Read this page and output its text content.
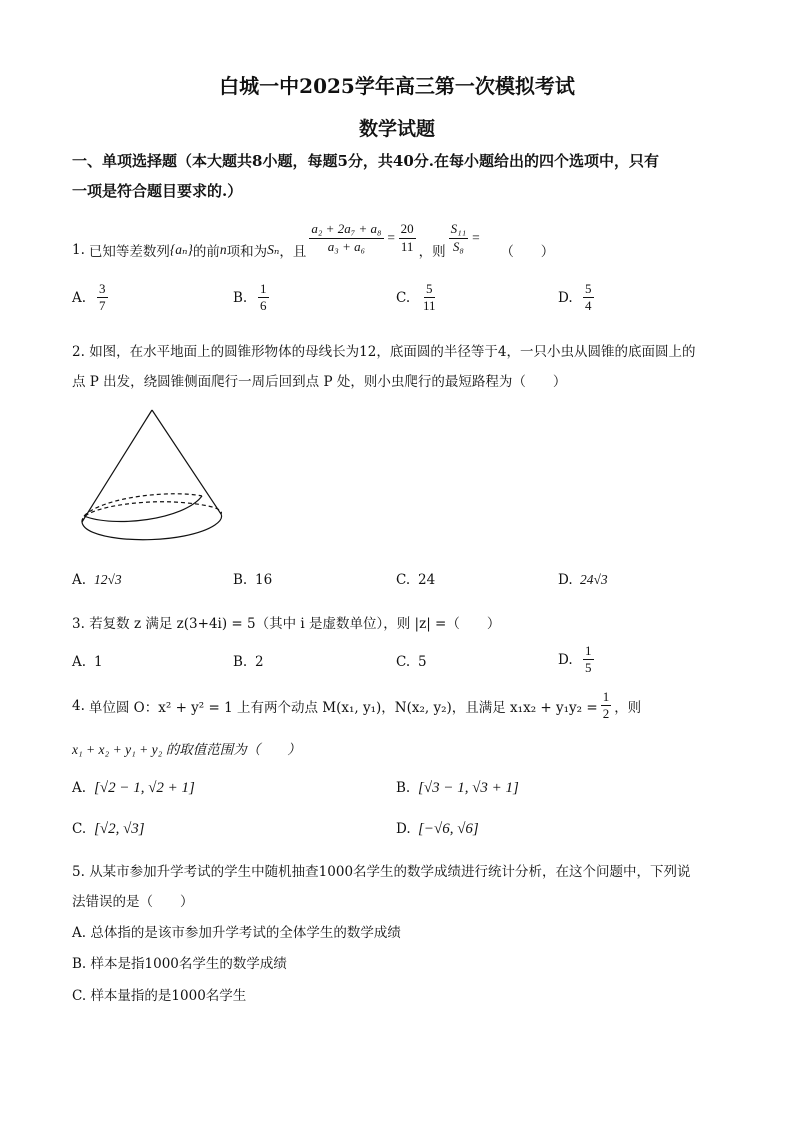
白城一中2025学年高三第一次模拟考试
数学试题
一、单项选择题（本大题共8小题，每题5分，共40分.在每小题给出的四个选项中，只有
一项是符合题目要求的.）
1. 已知等差数列 {aₙ} 的前 n 项和为 Sₙ ，且 $\frac{\text{a₂ + 2a₇ + a₈}}{\text{a₃ + a₆}} = \frac{20}{11}$ ，则 $\frac{\text{S₁₁}}{\text{S₈}}$ =
（　　）
A. $\frac{3}{7}$	B. $\frac{1}{6}$	C. $\frac{5}{11}$	D. $\frac{5}{4}$
2. 如图，在水平地面上的圆锥形物体的母线长为12，底面圆的半径等于4，一只小虫从圆锥的底面圆上的
点 P 出发，绕圆锥侧面爬行一周后回到点 P 处，则小虫爬行的最短路程为（　　）
A. 12√3	B. 16	C. 24	D. 24√3
3. 若复数 z 满足 z(3+4i) = 5（其中 i 是虚数单位），则 |z| =（　　）
A. 1	B. 2	C. 5	D. $\frac{1}{5}$
4. 单位圆 O：x² + y² = 1 上有两个动点 M(x₁, y₁)，N(x₂, y₂)，且满足 $x_1x_2 + y_1y_2 = \frac{1}{2}$ ，则
x₁ + x₂ + y₁ + y₂ 的取值范围为（　　）
A. [√2 − 1, √2 + 1]	B. [√3 − 1, √3 + 1]
C. [√2, √3]	D. [−√6, √6]
5. 从某市参加升学考试的学生中随机抽查1000名学生的数学成绩进行统计分析，在这个问题中，下列说
法错误的是（　　）
A. 总体指的是该市参加升学考试的全体学生的数学成绩
B. 样本是指1000名学生的数学成绩
C. 样本量指的是1000名学生
